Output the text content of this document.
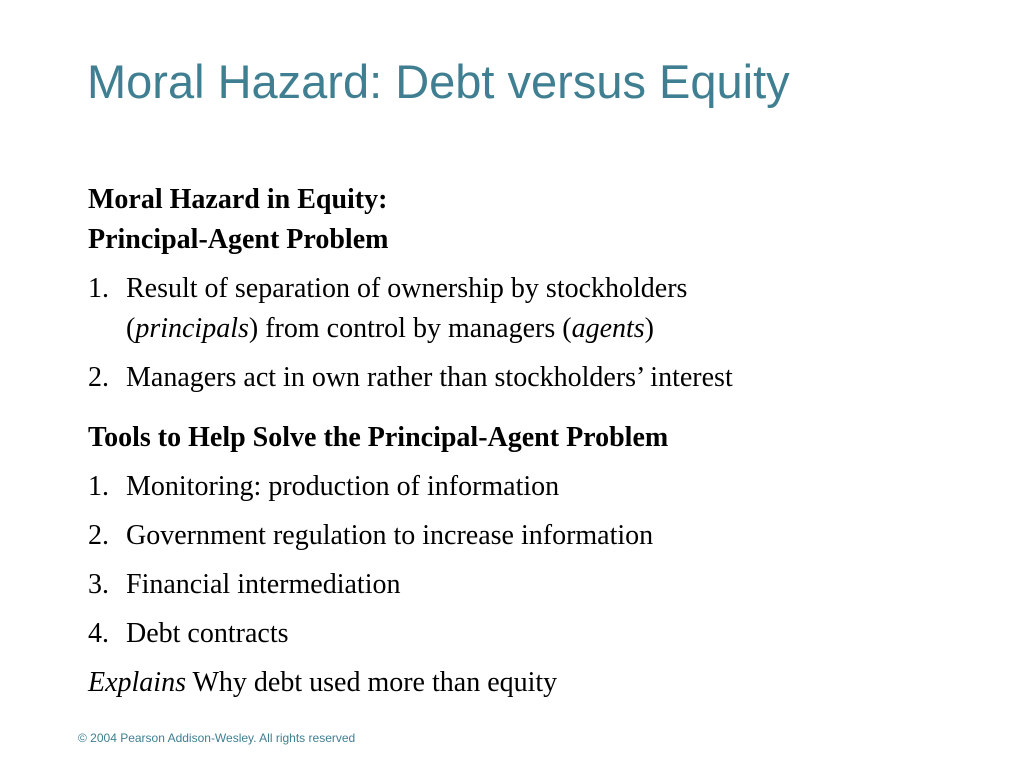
Moral Hazard: Debt versus Equity

Moral Hazard in Equity:
Principal-Agent Problem

1. Result of separation of ownership by stockholders
(principals) from control by managers (agents)
2. Managers act in own rather than stockholders’ interest

Tools to Help Solve the Principal-Agent Problem

1. Monitoring: production of information
2. Government regulation to increase information
3. Financial intermediation
4. Debt contracts

Explains Why debt used more than equity

© 2004 Pearson Addison-Wesley. All rights reserved
